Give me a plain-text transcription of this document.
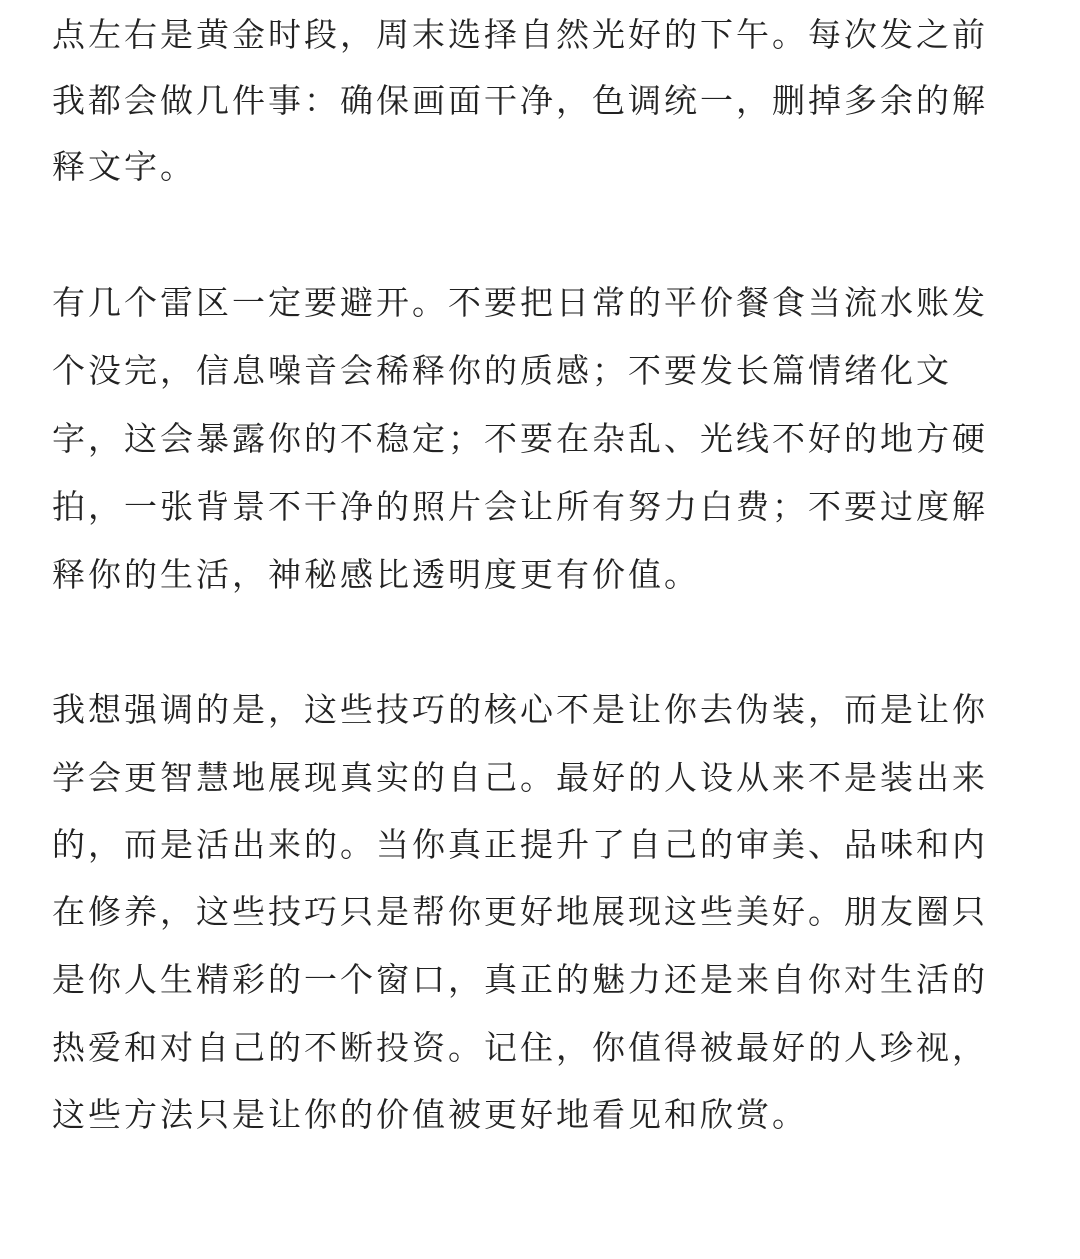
点左右是黄金时段，周末选择自然光好的下午。每次发之前
我都会做几件事：确保画面干净，色调统一，删掉多余的解
释文字。
有几个雷区一定要避开。不要把日常的平价餐食当流水账发
个没完，信息噪音会稀释你的质感；不要发长篇情绪化文
字，这会暴露你的不稳定；不要在杂乱、光线不好的地方硬
拍，一张背景不干净的照片会让所有努力白费；不要过度解
释你的生活，神秘感比透明度更有价值。
我想强调的是，这些技巧的核心不是让你去伪装，而是让你
学会更智慧地展现真实的自己。最好的人设从来不是装出来
的，而是活出来的。当你真正提升了自己的审美、品味和内
在修养，这些技巧只是帮你更好地展现这些美好。朋友圈只
是你人生精彩的一个窗口，真正的魅力还是来自你对生活的
热爱和对自己的不断投资。记住，你值得被最好的人珍视，
这些方法只是让你的价值被更好地看见和欣赏。
